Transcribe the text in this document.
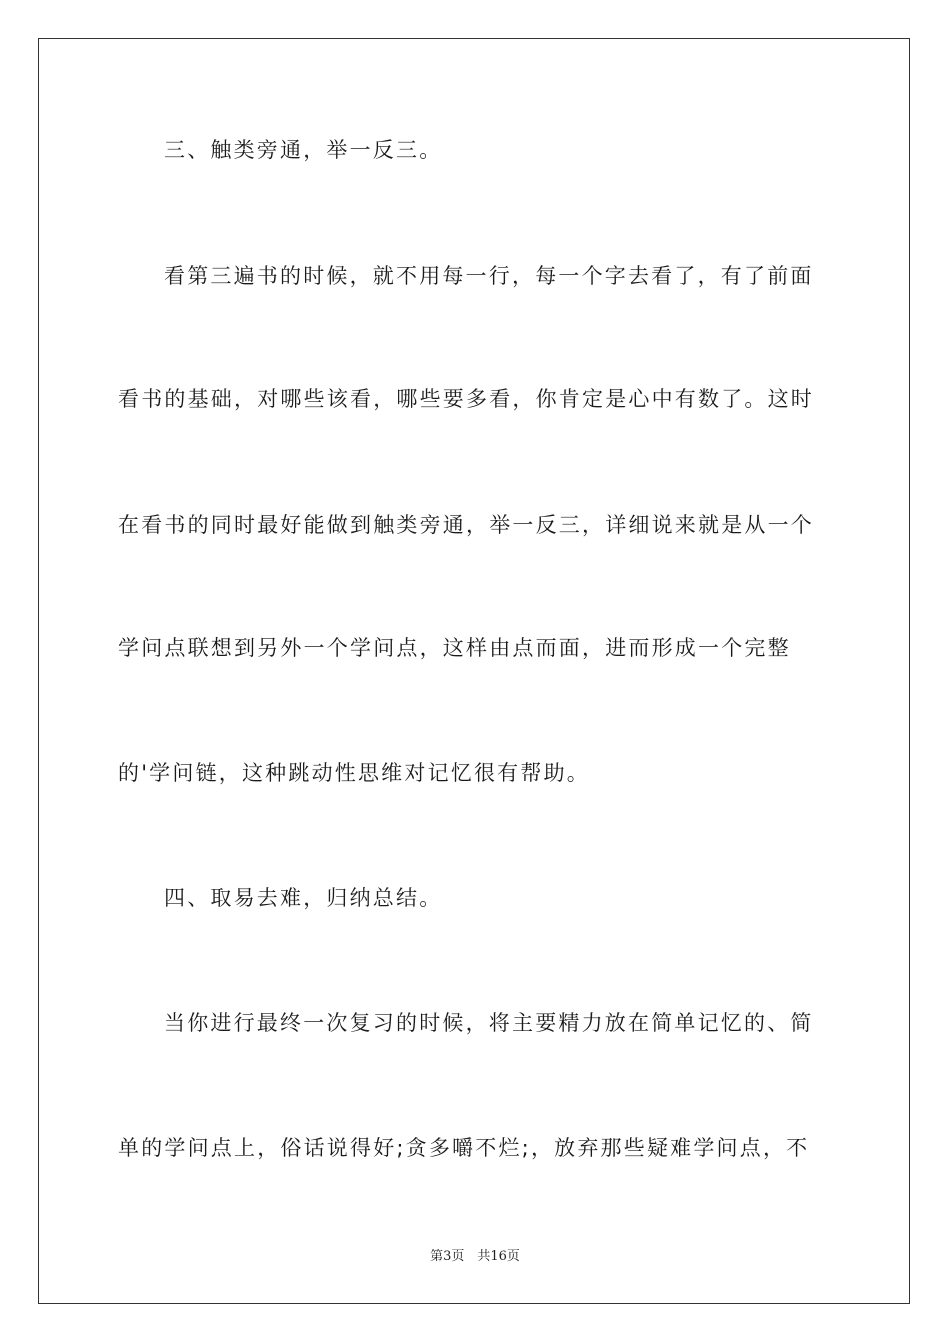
三、触类旁通，举一反三。
看第三遍书的时候，就不用每一行，每一个字去看了，有了前面
看书的基础，对哪些该看，哪些要多看，你肯定是心中有数了。这时
在看书的同时最好能做到触类旁通，举一反三，详细说来就是从一个
学问点联想到另外一个学问点，这样由点而面，进而形成一个完整
的'学问链，这种跳动性思维对记忆很有帮助。
四、取易去难，归纳总结。
当你进行最终一次复习的时候，将主要精力放在简单记忆的、简
单的学问点上，俗话说得好;贪多嚼不烂;，放弃那些疑难学问点，不
第3页　共16页
